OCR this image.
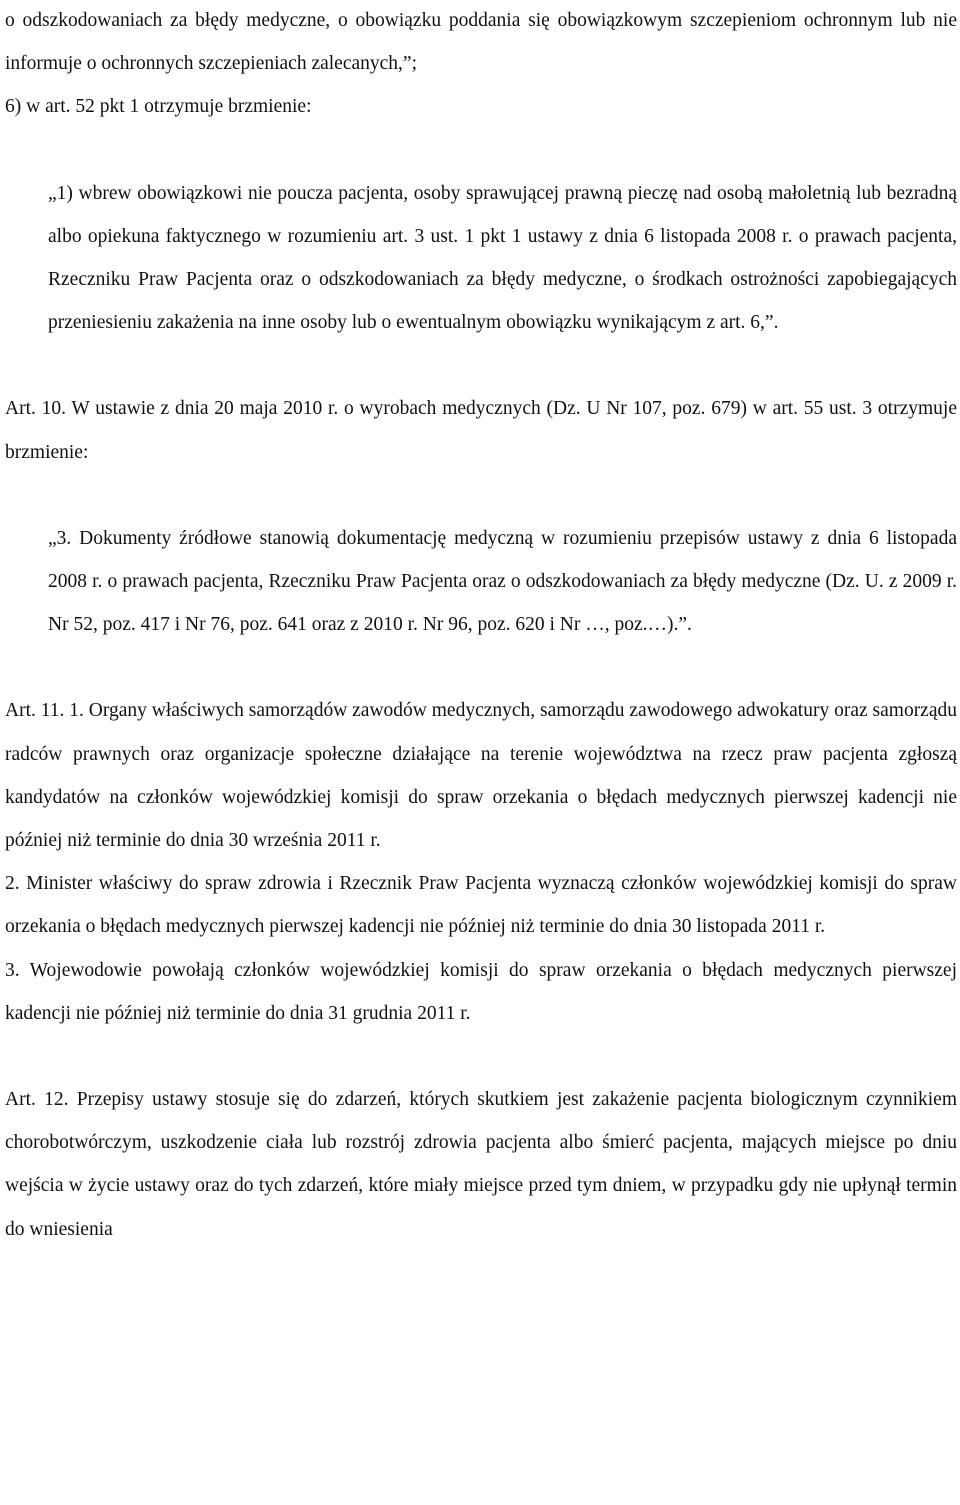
o odszkodowaniach za błędy medyczne, o obowiązku poddania się obowiązkowym szczepieniom ochronnym lub nie informuje o ochronnych szczepieniach zalecanych,”;

6) w art. 52 pkt 1 otrzymuje brzmienie:

„1) wbrew obowiązkowi nie poucza pacjenta, osoby sprawującej prawną pieczę nad osobą małoletnią lub bezradną albo opiekuna faktycznego w rozumieniu art. 3 ust. 1 pkt 1 ustawy z dnia 6 listopada 2008 r. o prawach pacjenta, Rzeczniku Praw Pacjenta oraz o odszkodowaniach za błędy medyczne, o środkach ostrożności zapobiegających przeniesieniu zakażenia na inne osoby lub o ewentualnym obowiązku wynikającym z art. 6,”.

Art. 10. W ustawie z dnia 20 maja 2010 r. o wyrobach medycznych (Dz. U Nr 107, poz. 679) w art. 55 ust. 3 otrzymuje brzmienie:

„3. Dokumenty źródłowe stanowią dokumentację medyczną w rozumieniu przepisów ustawy z dnia 6 listopada 2008 r. o prawach pacjenta, Rzeczniku Praw Pacjenta oraz o odszkodowaniach za błędy medyczne (Dz. U. z 2009 r. Nr 52, poz. 417 i Nr 76, poz. 641 oraz z 2010 r. Nr 96, poz. 620 i Nr …, poz.…).”.

Art. 11. 1. Organy właściwych samorządów zawodów medycznych, samorządu zawodowego adwokatury oraz samorządu radców prawnych oraz organizacje społeczne działające na terenie województwa na rzecz praw pacjenta zgłoszą kandydatów na członków wojewódzkiej komisji do spraw orzekania o błędach medycznych pierwszej kadencji nie później niż terminie do dnia 30 września 2011 r.

2. Minister właściwy do spraw zdrowia i Rzecznik Praw Pacjenta wyznaczą członków wojewódzkiej komisji do spraw orzekania o błędach medycznych pierwszej kadencji nie później niż terminie do dnia 30 listopada 2011 r.

3. Wojewodowie powołają członków wojewódzkiej komisji do spraw orzekania o błędach medycznych pierwszej kadencji nie później niż terminie do dnia 31 grudnia 2011 r.

Art. 12. Przepisy ustawy stosuje się do zdarzeń, których skutkiem jest zakażenie pacjenta biologicznym czynnikiem chorobotwórczym, uszkodzenie ciała lub rozstrój zdrowia pacjenta albo śmierć pacjenta, mających miejsce po dniu wejścia w życie ustawy oraz do tych zdarzeń, które miały miejsce przed tym dniem, w przypadku gdy nie upłynął termin do wniesienia
